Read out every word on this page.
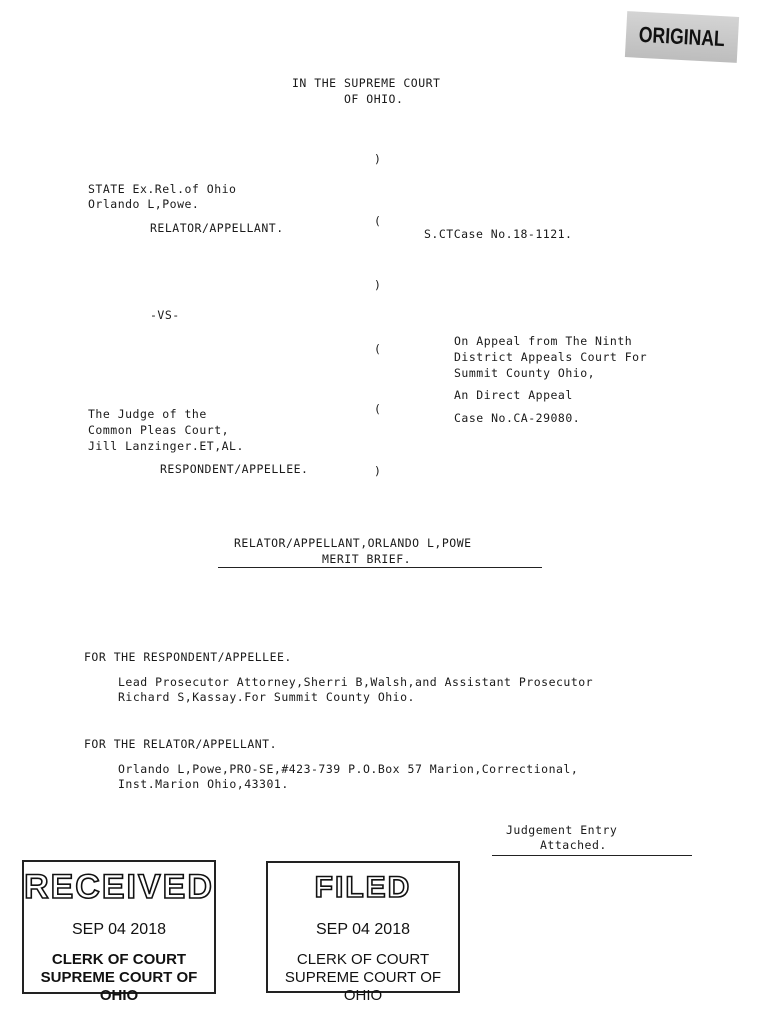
ORIGINAL
IN THE SUPREME COURT
OF OHIO.
)
(
)
(
(
)
STATE Ex.Rel.of Ohio
Orlando L,Powe.
RELATOR/APPELLANT.	S.CTCase No.18-1121.
-VS-
On Appeal from The Ninth
District Appeals Court For
Summit County Ohio,
An Direct Appeal
Case No.CA-29080.
The Judge of the
Common Pleas Court,
Jill Lanzinger.ET,AL.
RESPONDENT/APPELLEE.
RELATOR/APPELLANT,ORLANDO L,POWE
MERIT BRIEF.
FOR THE RESPONDENT/APPELLEE.
Lead Prosecutor Attorney,Sherri B,Walsh,and Assistant Prosecutor
Richard S,Kassay.For Summit County Ohio.
FOR THE RELATOR/APPELLANT.
Orlando L,Powe,PRO-SE,#423-739 P.O.Box 57 Marion,Correctional,
Inst.Marion Ohio,43301.
Judgement Entry
Attached.
RECEIVED
SEP 04 2018
CLERK OF COURT
SUPREME COURT OF OHIO
FILED
SEP 04 2018
CLERK OF COURT
SUPREME COURT OF OHIO
